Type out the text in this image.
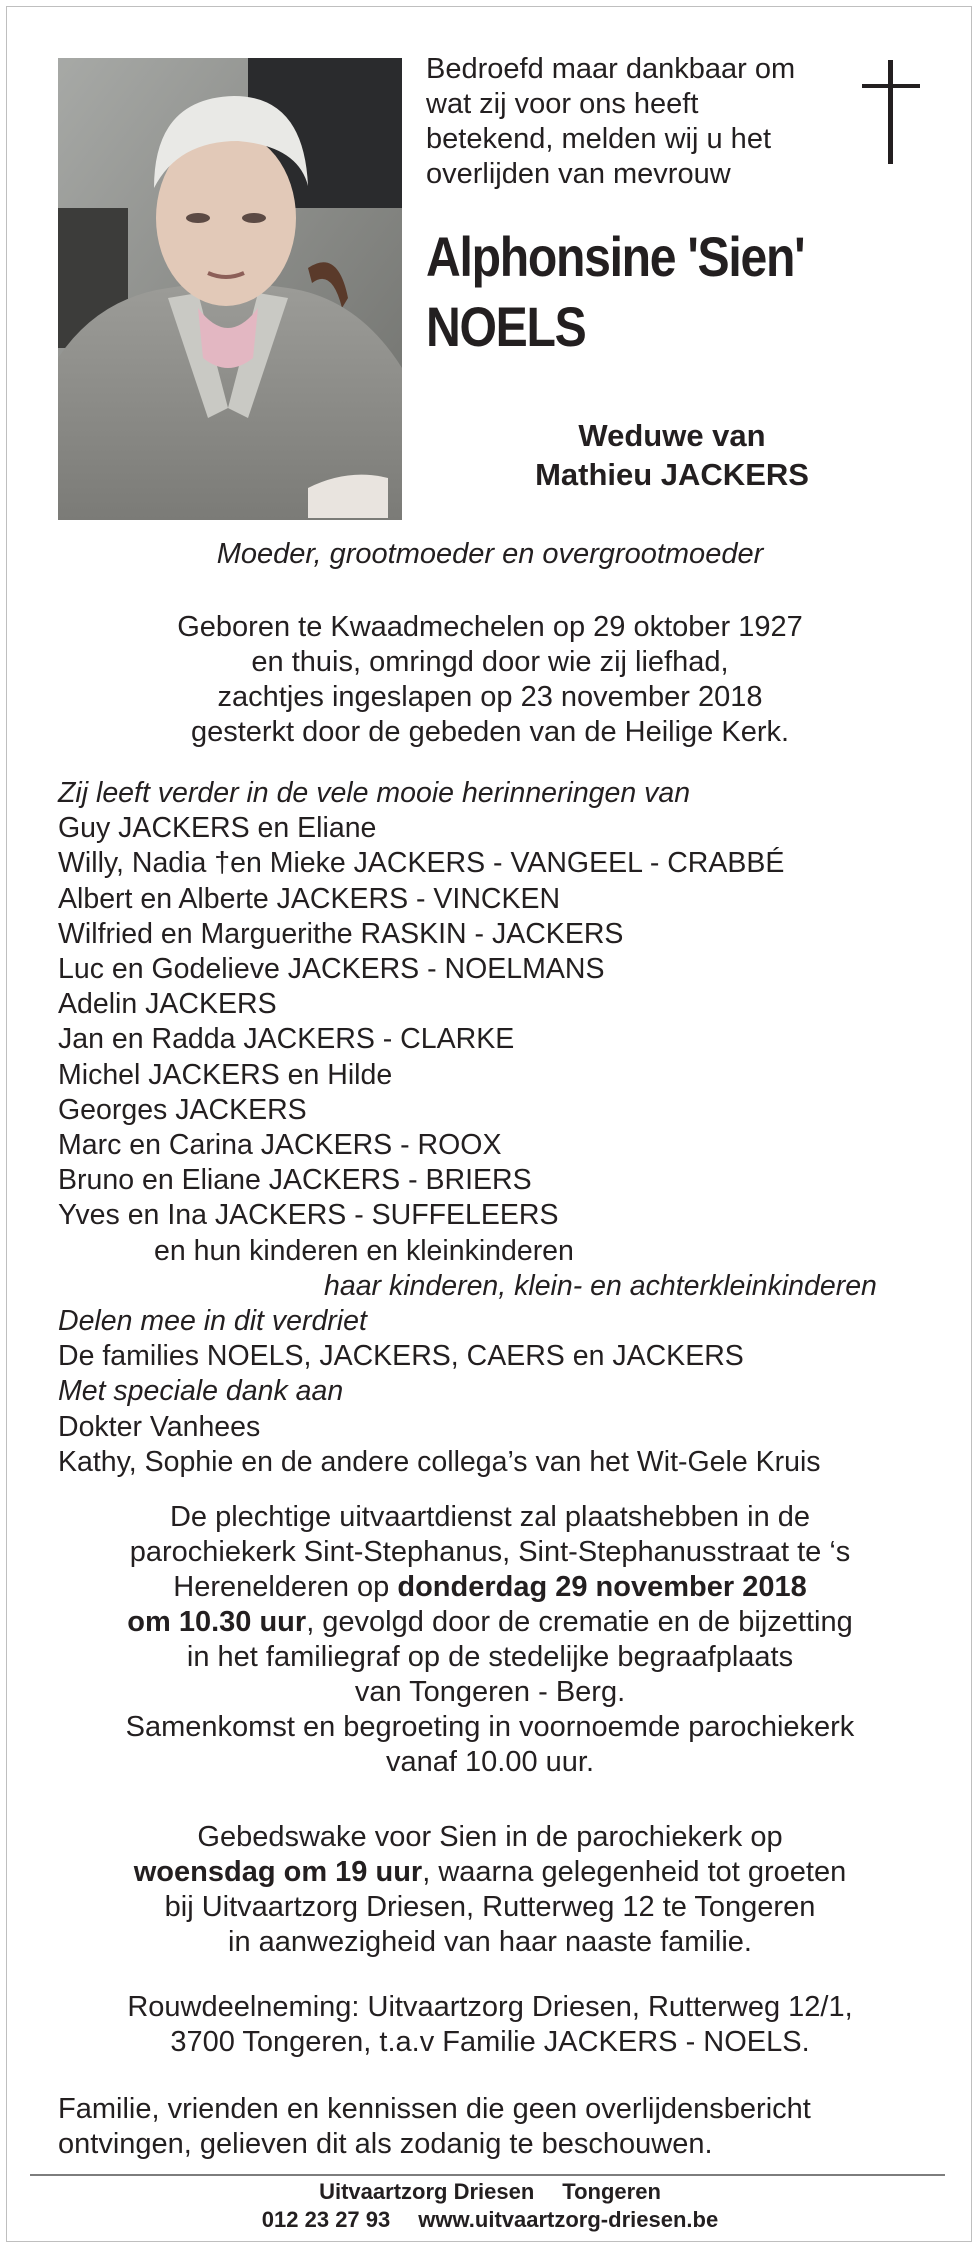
Bedroefd maar dankbaar om
wat zij voor ons heeft
betekend, melden wij u het
overlijden van mevrouw
Alphonsine 'Sien'
NOELS
Weduwe van
Mathieu JACKERS
Moeder, grootmoeder en overgrootmoeder
Geboren te Kwaadmechelen op 29 oktober 1927
en thuis, omringd door wie zij liefhad,
zachtjes ingeslapen op 23 november 2018
gesterkt door de gebeden van de Heilige Kerk.
Zij leeft verder in de vele mooie herinneringen van
Guy JACKERS en Eliane
Willy, Nadia †en Mieke JACKERS - VANGEEL - CRABBÉ
Albert en Alberte JACKERS - VINCKEN
Wilfried en Marguerithe RASKIN - JACKERS
Luc en Godelieve JACKERS - NOELMANS
Adelin JACKERS
Jan en Radda JACKERS - CLARKE
Michel JACKERS en Hilde
Georges JACKERS
Marc en Carina JACKERS - ROOX
Bruno en Eliane JACKERS - BRIERS
Yves en Ina JACKERS - SUFFELEERS
en hun kinderen en kleinkinderen
haar kinderen, klein- en achterkleinkinderen
Delen mee in dit verdriet
De families NOELS, JACKERS, CAERS en JACKERS
Met speciale dank aan
Dokter Vanhees
Kathy, Sophie en de andere collega’s van het Wit-Gele Kruis
De plechtige uitvaartdienst zal plaatshebben in de
parochiekerk Sint-Stephanus, Sint-Stephanusstraat te ‘s
Herenelderen op donderdag 29 november 2018
om 10.30 uur, gevolgd door de crematie en de bijzetting
in het familiegraf op de stedelijke begraafplaats
van Tongeren - Berg.
Samenkomst en begroeting in voornoemde parochiekerk
vanaf 10.00 uur.
Gebedswake voor Sien in de parochiekerk op
woensdag om 19 uur, waarna gelegenheid tot groeten
bij Uitvaartzorg Driesen, Rutterweg 12 te Tongeren
in aanwezigheid van haar naaste familie.
Rouwdeelneming: Uitvaartzorg Driesen, Rutterweg 12/1,
3700 Tongeren, t.a.v Familie JACKERS - NOELS.
Familie, vrienden en kennissen die geen overlijdensbericht
ontvingen, gelieven dit als zodanig te beschouwen.
Uitvaartzorg Driesen Tongeren
012 23 27 93 www.uitvaartzorg-driesen.be
